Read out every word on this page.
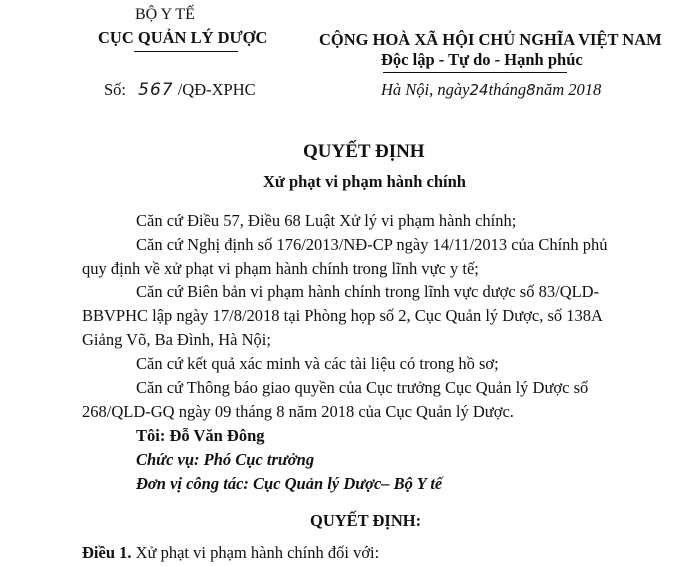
BỘ Y TẾ
CỤC QUẢN LÝ DƯỢC
Số: 567 /QĐ-XPHC
CỘNG HOÀ XÃ HỘI CHỦ NGHĨA VIỆT NAM
Độc lập - Tự do - Hạnh phúc
Hà Nội, ngày24tháng8năm 2018
QUYẾT ĐỊNH
Xử phạt vi phạm hành chính
Căn cứ Điều 57, Điều 68 Luật Xử lý vi phạm hành chính;
Căn cứ Nghị định số 176/2013/NĐ-CP ngày 14/11/2013 của Chính phủ
quy định về xử phạt vi phạm hành chính trong lĩnh vực y tế;
Căn cứ Biên bản vi phạm hành chính trong lĩnh vực dược số 83/QLD-
BBVPHC lập ngày 17/8/2018 tại Phòng họp số 2, Cục Quản lý Dược, số 138A
Giảng Võ, Ba Đình, Hà Nội;
Căn cứ kết quả xác minh và các tài liệu có trong hồ sơ;
Căn cứ Thông báo giao quyền của Cục trưởng Cục Quản lý Dược số
268/QLD-GQ ngày 09 tháng 8 năm 2018 của Cục Quản lý Dược.
Tôi: Đỗ Văn Đông
Chức vụ: Phó Cục trưởng
Đơn vị công tác: Cục Quản lý Dược– Bộ Y tế
QUYẾT ĐỊNH:
Điều 1. Xử phạt vi phạm hành chính đối với:
